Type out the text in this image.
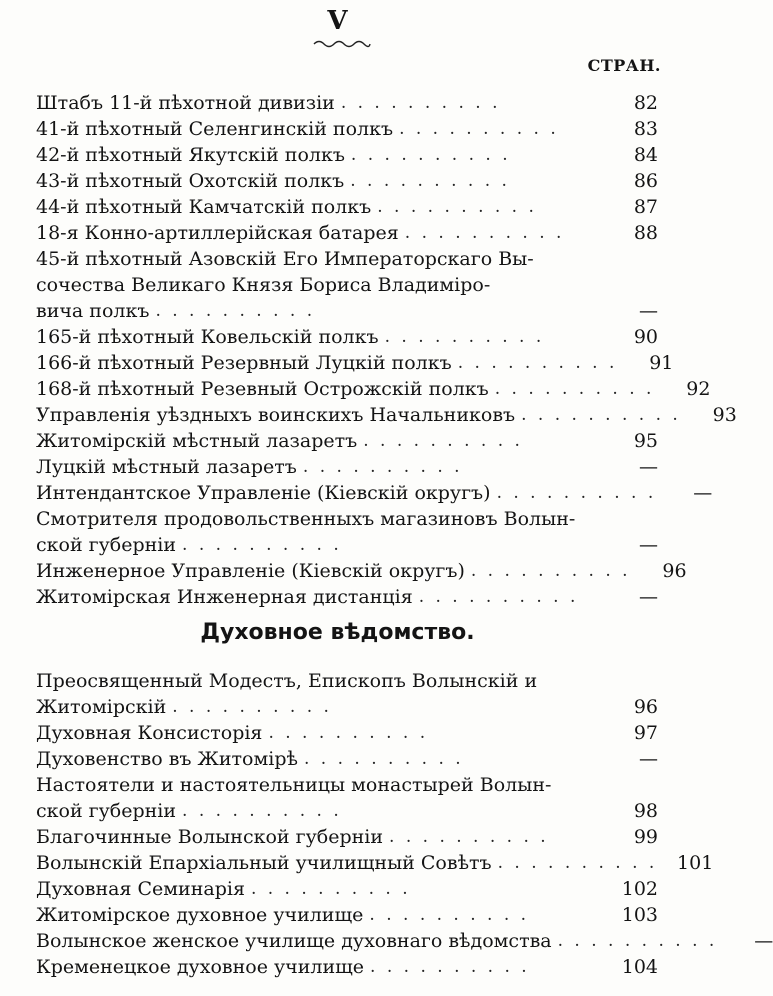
V
СТРАН.
Штабъ 11-й пѣхотной дивизіи . . . . . . . . . .	82
41-й пѣхотный Селенгинскій полкъ . . . . . . . . . .	83
42-й пѣхотный Якутскій полкъ . . . . . . . . . .	84
43-й пѣхотный Охотскій полкъ . . . . . . . . . .	86
44-й пѣхотный Камчатскій полкъ . . . . . . . . . .	87
18-я Конно-артиллерійская батарея . . . . . . . . . .	88
45-й пѣхотный Азовскій Его Императорскаго Вы-
сочества Великаго Князя Бориса Владиміро-
вича полкъ . . . . . . . . . .	—
165-й пѣхотный Ковельскій полкъ . . . . . . . . . .	90
166-й пѣхотный Резервный Луцкій полкъ . . . . . . . . . .	91
168-й пѣхотный Резевный Острожскій полкъ . . . . . . . . . .	92
Управленія уѣздныхъ воинскихъ Начальниковъ . . . . . . . . . .	93
Житомірскій мѣстный лазаретъ . . . . . . . . . .	95
Луцкій мѣстный лазаретъ . . . . . . . . . .	—
Интендантское Управленіе (Кіевскій округъ) . . . . . . . . . .	—
Смотрителя продовольственныхъ магазиновъ Волын-
ской губерніи . . . . . . . . . .	—
Инженерное Управленіе (Кіевскій округъ) . . . . . . . . . .	96
Житомірская Инженерная дистанція . . . . . . . . . .	—
Духовное вѣдомство.
Преосвященный Модестъ, Епископъ Волынскій и
Житомірскій . . . . . . . . . .	96
Духовная Консисторія . . . . . . . . . .	97
Духовенство въ Житомірѣ . . . . . . . . . .	—
Настоятели и настоятельницы монастырей Волын-
ской губерніи . . . . . . . . . .	98
Благочинные Волынской губерніи . . . . . . . . . .	99
Волынскій Епархіальный училищный Совѣтъ . . . . . . . . . .	101
Духовная Семинарія . . . . . . . . . .	102
Житомірское духовное училище . . . . . . . . . .	103
Волынское женское училище духовнаго вѣдомства . . . . . . . . . .	—
Кременецкое духовное училище . . . . . . . . . .	104
